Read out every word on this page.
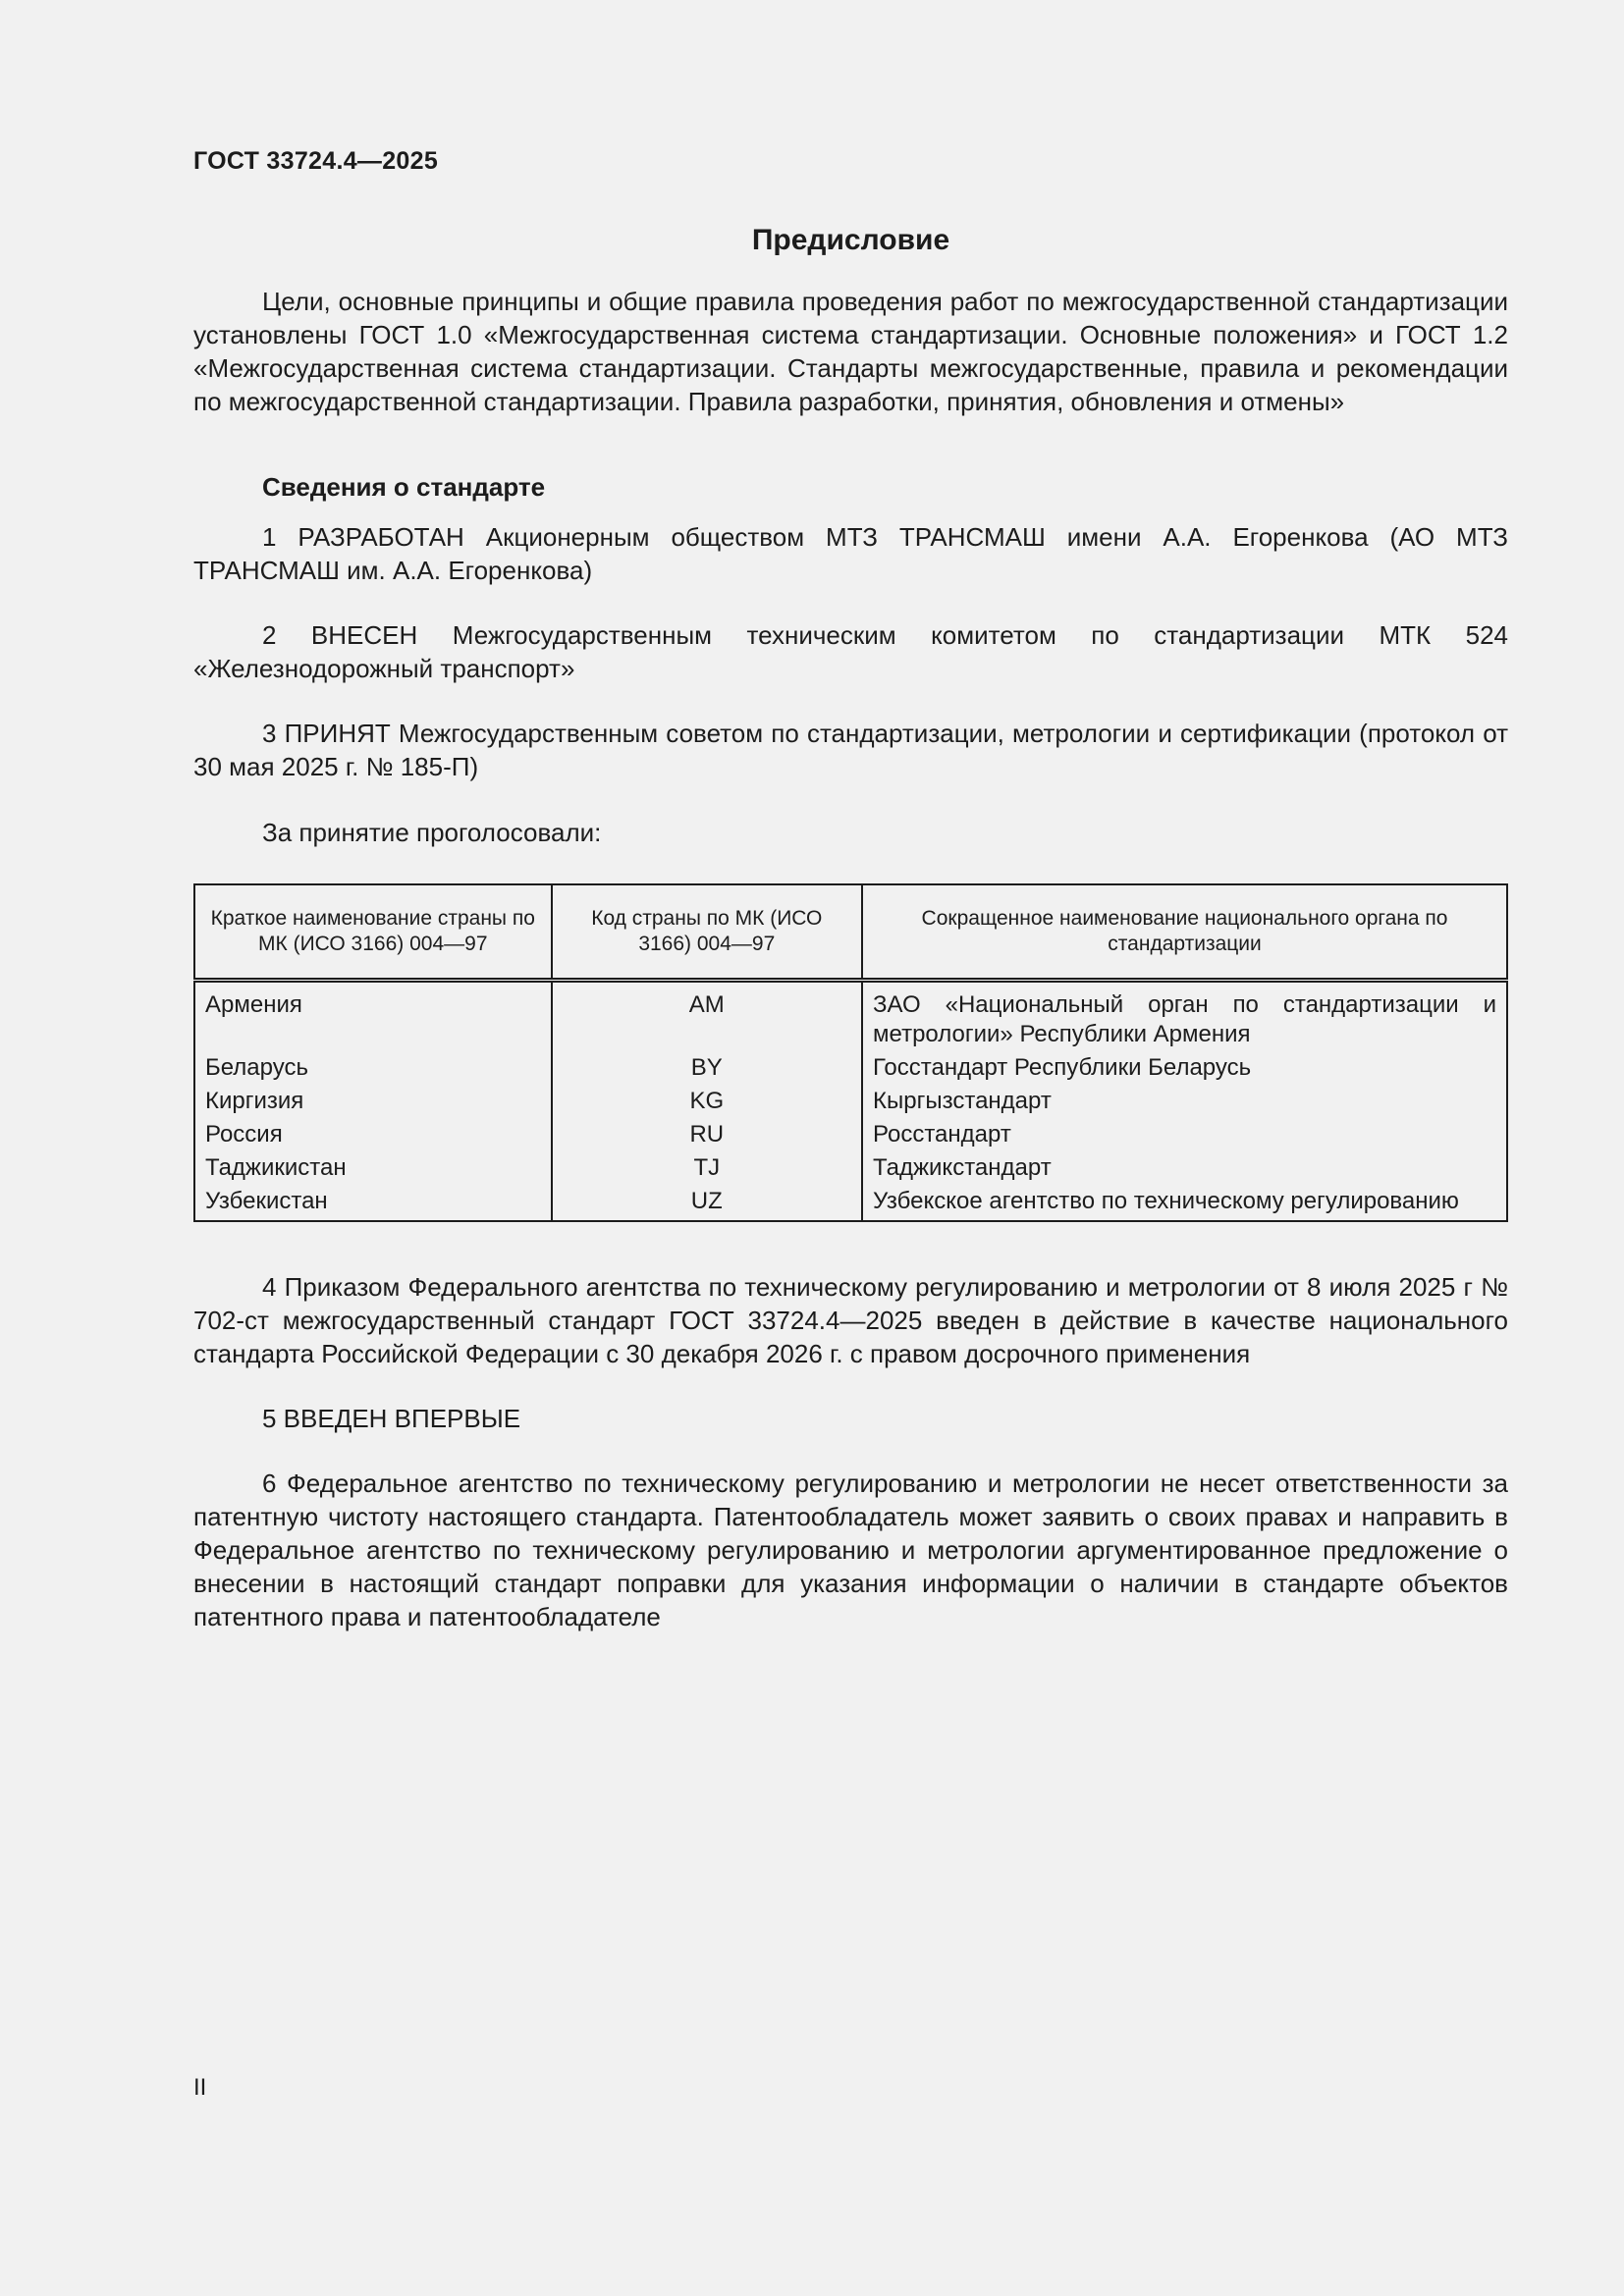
ГОСТ 33724.4—2025
Предисловие

Цели, основные принципы и общие правила проведения работ по межгосударственной стандартизации установлены ГОСТ 1.0 «Межгосударственная система стандартизации. Основные положения» и ГОСТ 1.2 «Межгосударственная система стандартизации. Стандарты межгосударственные, правила и рекомендации по межгосударственной стандартизации. Правила разработки, принятия, обновления и отмены»

Сведения о стандарте

1 РАЗРАБОТАН Акционерным обществом МТЗ ТРАНСМАШ имени А.А. Егоренкова (АО МТЗ ТРАНСМАШ им. А.А. Егоренкова)

2 ВНЕСЕН Межгосударственным техническим комитетом по стандартизации МТК 524 «Железнодорожный транспорт»

3 ПРИНЯТ Межгосударственным советом по стандартизации, метрологии и сертификации (протокол от 30 мая 2025 г. № 185-П)

За принятие проголосовали:
Краткое наименование страны по МК (ИСО 3166) 004—97	Код страны по МК (ИСО 3166) 004—97	Сокращенное наименование национального органа по стандартизации
Армения	AM	ЗАО «Национальный орган по стандартизации и метрологии» Республики Армения
Беларусь	BY	Госстандарт Республики Беларусь
Киргизия	KG	Кыргызстандарт
Россия	RU	Росстандарт
Таджикистан	TJ	Таджикстандарт
Узбекистан	UZ	Узбекское агентство по техническому регулированию

4 Приказом Федерального агентства по техническому регулированию и метрологии от 8 июля 2025 г № 702-ст межгосударственный стандарт ГОСТ 33724.4—2025 введен в действие в качестве национального стандарта Российской Федерации с 30 декабря 2026 г. с правом досрочного применения

5 ВВЕДЕН ВПЕРВЫЕ

6 Федеральное агентство по техническому регулированию и метрологии не несет ответственности за патентную чистоту настоящего стандарта. Патентообладатель может заявить о своих правах и направить в Федеральное агентство по техническому регулированию и метрологии аргументированное предложение о внесении в настоящий стандарт поправки для указания информации о наличии в стандарте объектов патентного права и патентообладателе

II
